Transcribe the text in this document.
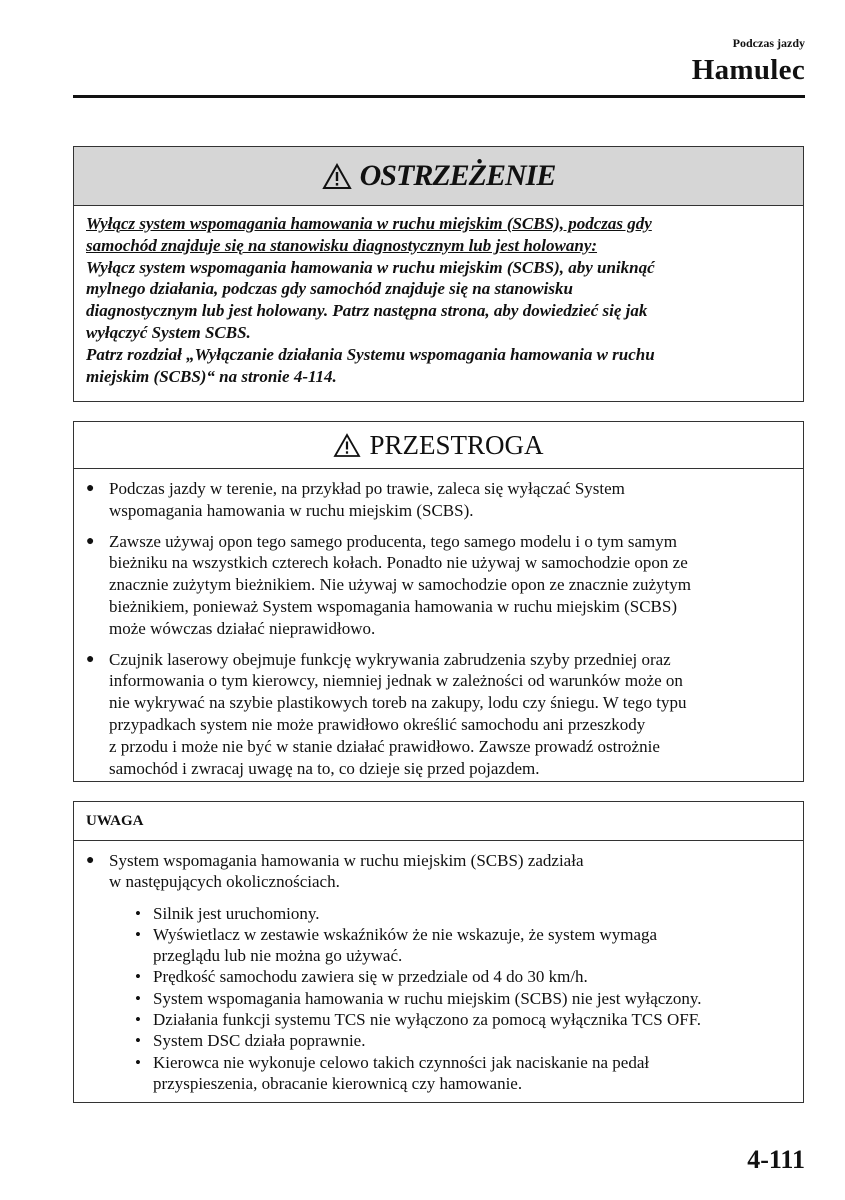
Podczas jazdy
Hamulec
OSTRZEŻENIE

Wyłącz system wspomagania hamowania w ruchu miejskim (SCBS), podczas gdy
samochód znajduje się na stanowisku diagnostycznym lub jest holowany:

Wyłącz system wspomagania hamowania w ruchu miejskim (SCBS), aby uniknąć
mylnego działania, podczas gdy samochód znajduje się na stanowisku
diagnostycznym lub jest holowany. Patrz następna strona, aby dowiedzieć się jak
wyłączyć System SCBS.
Patrz rozdział „Wyłączanie działania Systemu wspomagania hamowania w ruchu
miejskim (SCBS)“ na stronie 4-114.

PRZESTROGA
● Podczas jazdy w terenie, na przykład po trawie, zaleca się wyłączać System
wspomagania hamowania w ruchu miejskim (SCBS).
● Zawsze używaj opon tego samego producenta, tego samego modelu i o tym samym
bieżniku na wszystkich czterech kołach. Ponadto nie używaj w samochodzie opon ze
znacznie zużytym bieżnikiem. Nie używaj w samochodzie opon ze znacznie zużytym
bieżnikiem, ponieważ System wspomagania hamowania w ruchu miejskim (SCBS)
może wówczas działać nieprawidłowo.
● Czujnik laserowy obejmuje funkcję wykrywania zabrudzenia szyby przedniej oraz
informowania o tym kierowcy, niemniej jednak w zależności od warunków może on
nie wykrywać na szybie plastikowych toreb na zakupy, lodu czy śniegu. W tego typu
przypadkach system nie może prawidłowo określić samochodu ani przeszkody
z przodu i może nie być w stanie działać prawidłowo. Zawsze prowadź ostrożnie
samochód i zwracaj uwagę na to, co dzieje się przed pojazdem.
UWAGA
● System wspomagania hamowania w ruchu miejskim (SCBS) zadziała
w następujących okolicznościach.
• Silnik jest uruchomiony.
• Wyświetlacz w zestawie wskaźników że nie wskazuje, że system wymaga
przeglądu lub nie można go używać.
• Prędkość samochodu zawiera się w przedziale od 4 do 30 km/h.
• System wspomagania hamowania w ruchu miejskim (SCBS) nie jest wyłączony.
• Działania funkcji systemu TCS nie wyłączono za pomocą wyłącznika TCS OFF.
• System DSC działa poprawnie.
• Kierowca nie wykonuje celowo takich czynności jak naciskanie na pedał
przyspieszenia, obracanie kierownicą czy hamowanie.
4-111
